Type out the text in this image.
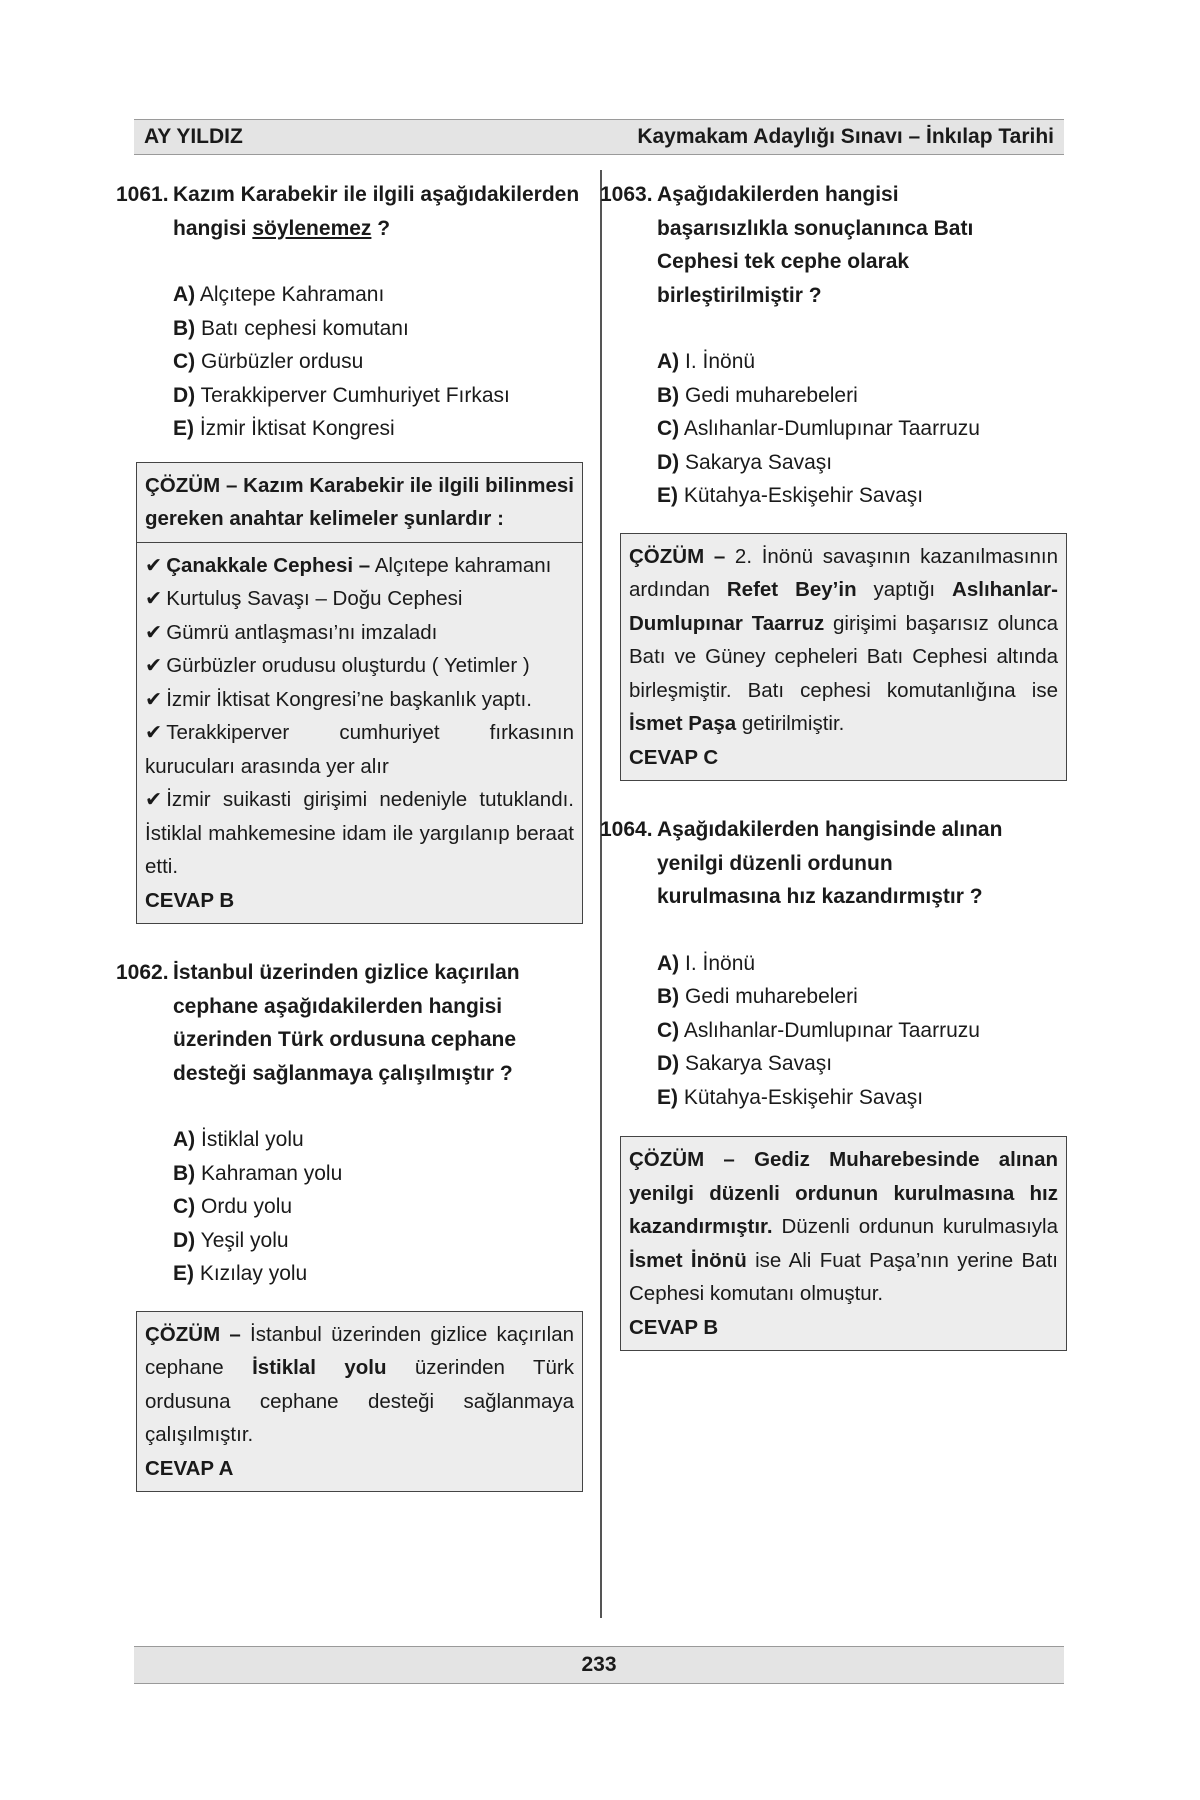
AY YILDIZ	Kaymakam Adaylığı Sınavı – İnkılap Tarihi
1061. Kazım Karabekir ile ilgili aşağıdakilerden hangisi söylenemez ?
A) Alçıtepe Kahramanı
B) Batı cephesi komutanı
C) Gürbüzler ordusu
D) Terakkiperver Cumhuriyet Fırkası
E) İzmir İktisat Kongresi
ÇÖZÜM – Kazım Karabekir ile ilgili bilinmesi gereken anahtar kelimeler şunlardır :
✔ Çanakkale Cephesi – Alçıtepe kahramanı
✔ Kurtuluş Savaşı – Doğu Cephesi
✔ Gümrü antlaşması’nı imzaladı
✔ Gürbüzler orudusu oluşturdu ( Yetimler )
✔ İzmir İktisat Kongresi’ne başkanlık yaptı.
✔ Terakkiperver cumhuriyet fırkasının kurucuları arasında yer alır
✔ İzmir suikasti girişimi nedeniyle tutuklandı. İstiklal mahkemesine idam ile yargılanıp beraat etti.
CEVAP B
1062. İstanbul üzerinden gizlice kaçırılan cephane aşağıdakilerden hangisi üzerinden Türk ordusuna cephane desteği sağlanmaya çalışılmıştır ?
A) İstiklal yolu
B) Kahraman yolu
C) Ordu yolu
D) Yeşil yolu
E) Kızılay yolu
ÇÖZÜM – İstanbul üzerinden gizlice kaçırılan cephane İstiklal yolu üzerinden Türk ordusuna cephane desteği sağlanmaya çalışılmıştır.
CEVAP A
1063. Aşağıdakilerden hangisi başarısızlıkla sonuçlanınca Batı Cephesi tek cephe olarak birleştirilmiştir ?
A) I. İnönü
B) Gedi muharebeleri
C) Aslıhanlar-Dumlupınar Taarruzu
D) Sakarya Savaşı
E) Kütahya-Eskişehir Savaşı
ÇÖZÜM – 2. İnönü savaşının kazanılmasının ardından Refet Bey’in yaptığı Aslıhanlar-Dumlupınar Taarruz girişimi başarısız olunca Batı ve Güney cepheleri Batı Cephesi altında birleşmiştir. Batı cephesi komutanlığına ise İsmet Paşa getirilmiştir.
CEVAP C
1064. Aşağıdakilerden hangisinde alınan yenilgi düzenli ordunun kurulmasına hız kazandırmıştır ?
A) I. İnönü
B) Gedi muharebeleri
C) Aslıhanlar-Dumlupınar Taarruzu
D) Sakarya Savaşı
E) Kütahya-Eskişehir Savaşı
ÇÖZÜM – Gediz Muharebesinde alınan yenilgi düzenli ordunun kurulmasına hız kazandırmıştır. Düzenli ordunun kurulmasıyla İsmet İnönü ise Ali Fuat Paşa’nın yerine Batı Cephesi komutanı olmuştur.
CEVAP B
233
